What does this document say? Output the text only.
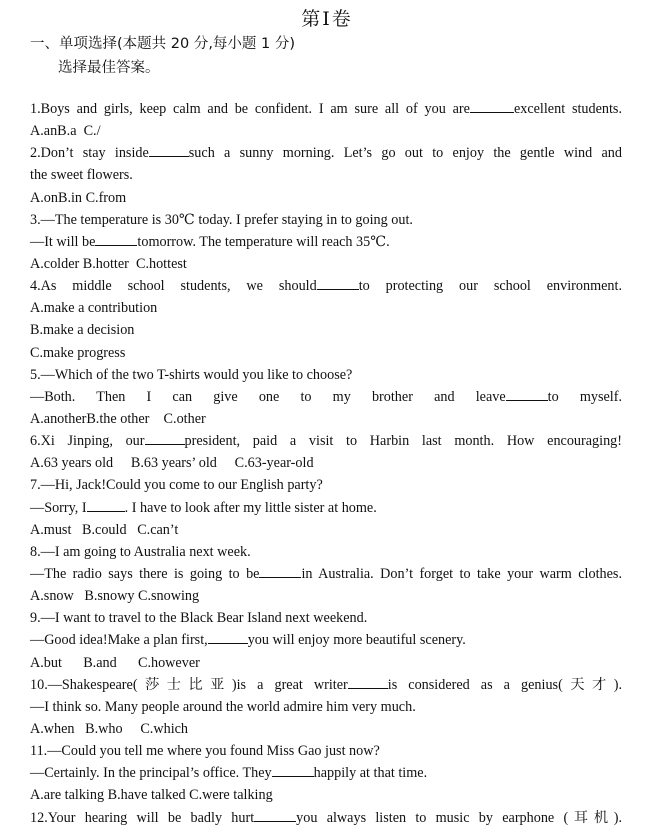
第Ⅰ卷
一、单项选择(本题共 20 分,每小题 1 分)
选择最佳答案。
1.Boys and girls, keep calm and be confident. I am sure all of you are	excellent students.
A.anB.a  C./
2.Don’t stay inside	such a sunny morning. Let’s go out to enjoy the gentle wind and
the sweet flowers.
A.onB.in C.from
3.—The temperature is 30℃ today. I prefer staying in to going out.
—It will be	tomorrow. The temperature will reach 35℃.
A.colder B.hotter  C.hottest
4.As middle school students, we should	to protecting our school environment.
A.make a contribution
B.make a decision
C.make progress
5.—Which of the two T-shirts would you like to choose?
—Both. Then I can give one to my brother and leave	to myself.
A.anotherB.the other    C.other
6.Xi Jinping, our	president, paid a visit to Harbin last month. How encouraging!
A.63 years old     B.63 years’ old     C.63-year-old
7.—Hi, Jack!Could you come to our English party?
—Sorry, I	. I have to look after my little sister at home.
A.must   B.could   C.can’t
8.—I am going to Australia next week.
—The radio says there is going to be	in Australia. Don’t forget to take your warm clothes.
A.snow   B.snowy C.snowing
9.—I want to travel to the Black Bear Island next weekend.
—Good idea!Make a plan first,	you will enjoy more beautiful scenery.
A.but      B.and      C.however
10.—Shakespeare(莎士比亚)is a great writer	is considered as a genius(天才).
—I think so. Many people around the world admire him very much.
A.when   B.who     C.which
11.—Could you tell me where you found Miss Gao just now?
—Certainly. In the principal’s office. They	happily at that time.
A.are talking B.have talked C.were talking
12.Your hearing will be badly hurt	you always listen to music by earphone (耳机).
